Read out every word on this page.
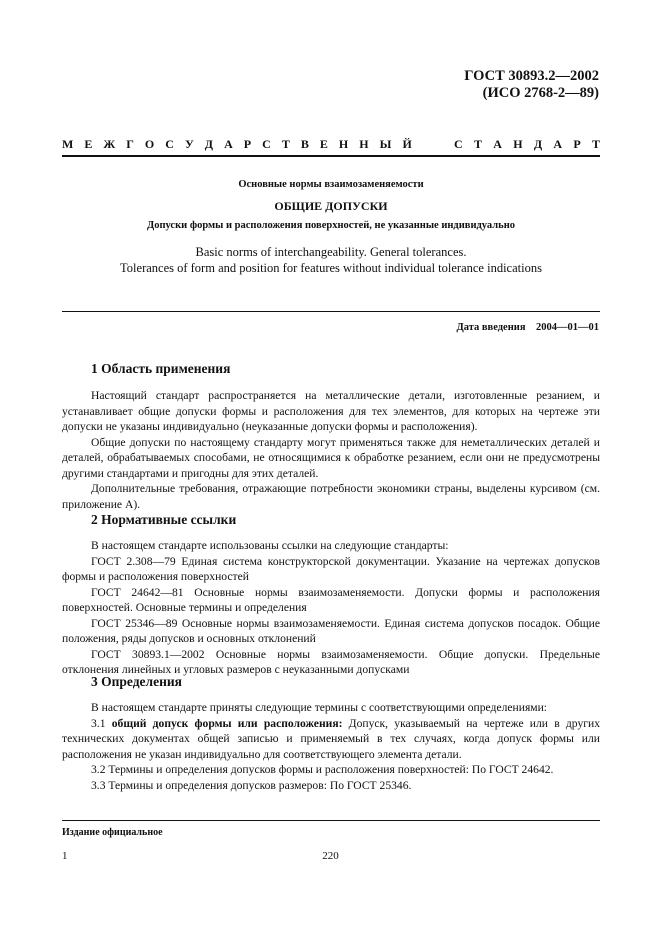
ГОСТ 30893.2—2002
(ИСО 2768-2—89)
М Е Ж Г О С У Д А Р С Т В Е Н Н Ы Й	С Т А Н Д А Р Т
Основные нормы взаимозаменяемости
ОБЩИЕ ДОПУСКИ
Допуски формы и расположения поверхностей, не указанные индивидуально
Basic norms of interchangeability. General tolerances.
Tolerances of form and position for features without individual tolerance indications
Дата введения    2004—01—01
1 Область применения

Настоящий стандарт распространяется на металлические детали, изготовленные резанием, и устанавливает общие допуски формы и расположения для тех элементов, для которых на чертеже эти допуски не указаны индивидуально (неуказанные допуски формы и расположения).

Общие допуски по настоящему стандарту могут применяться также для неметаллических деталей и деталей, обрабатываемых способами, не относящимися к обработке резанием, если они не предусмотрены другими стандартами и пригодны для этих деталей.

Дополнительные требования, отражающие потребности экономики страны, выделены курсивом (см. приложение А).

2 Нормативные ссылки

В настоящем стандарте использованы ссылки на следующие стандарты:

ГОСТ 2.308—79 Единая система конструкторской документации. Указание на чертежах допусков формы и расположения поверхностей

ГОСТ 24642—81 Основные нормы взаимозаменяемости. Допуски формы и расположения поверхностей. Основные термины и определения

ГОСТ 25346—89 Основные нормы взаимозаменяемости. Единая система допусков посадок. Общие положения, ряды допусков и основных отклонений

ГОСТ 30893.1—2002 Основные нормы взаимозаменяемости. Общие допуски. Предельные отклонения линейных и угловых размеров с неуказанными допусками

3 Определения

В настоящем стандарте приняты следующие термины с соответствующими определениями:

3.1 общий допуск формы или расположения: Допуск, указываемый на чертеже или в других технических документах общей записью и применяемый в тех случаях, когда допуск формы или расположения не указан индивидуально для соответствующего элемента детали.

3.2 Термины и определения допусков формы и расположения поверхностей: По ГОСТ 24642.

3.3 Термины и определения допусков размеров: По ГОСТ 25346.

Издание официальное
1	220
